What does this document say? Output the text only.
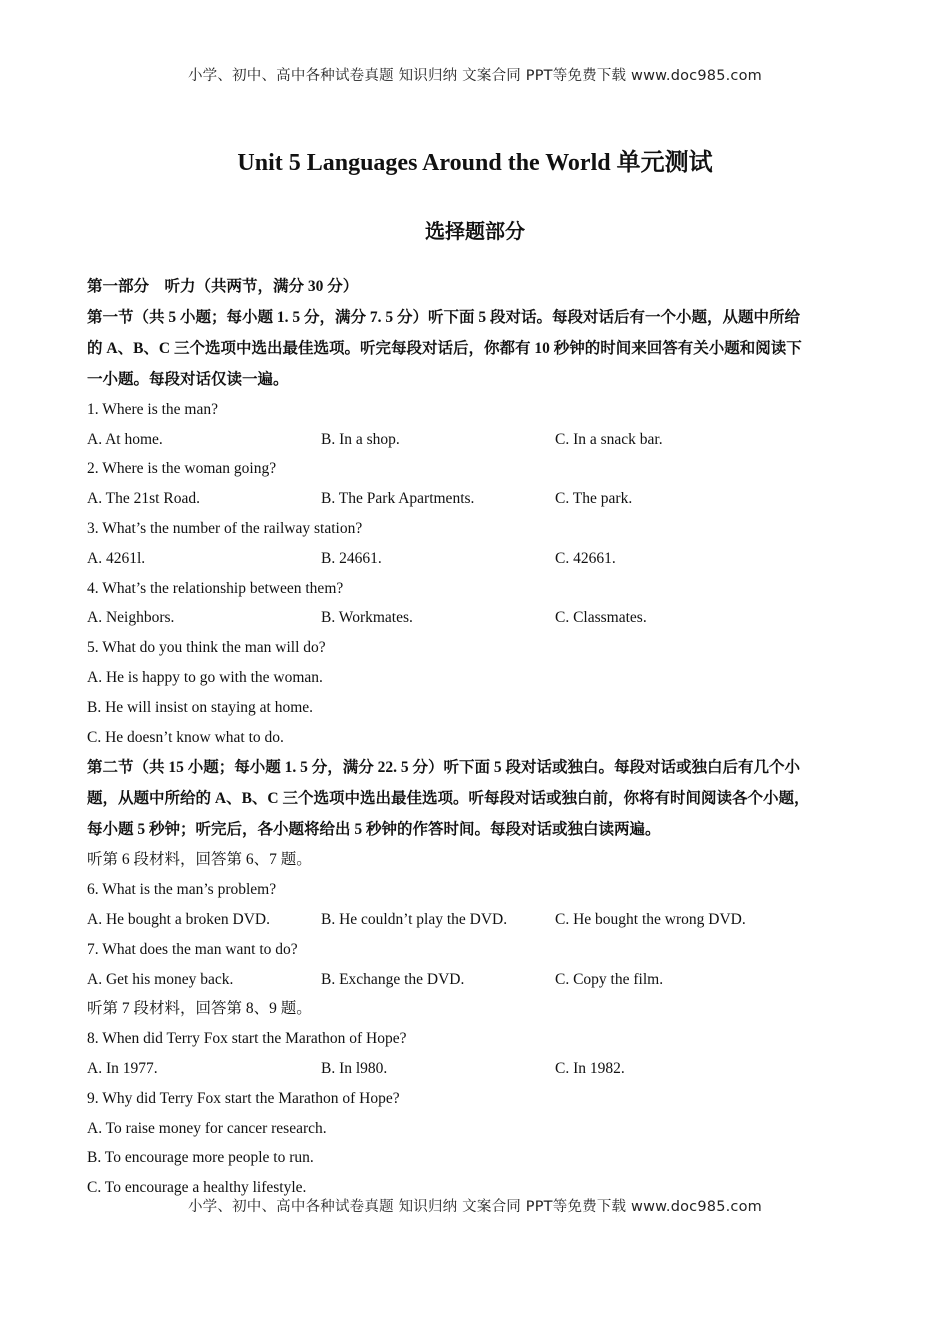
小学、初中、高中各种试卷真题 知识归纳 文案合同 PPT等免费下载 www.doc985.com
Unit 5 Languages Around the World 单元测试
选择题部分
第一部分　听力（共两节，满分 30 分）
第一节（共 5 小题；每小题 1. 5 分，满分 7. 5 分）听下面 5 段对话。每段对话后有一个小题，从题中所给
的 A、B、C 三个选项中选出最佳选项。听完每段对话后，你都有 10 秒钟的时间来回答有关小题和阅读下
一小题。每段对话仅读一遍。
1. Where is the man?
A. At home.	B. In a shop.	C. In a snack bar.
2. Where is the woman going?
A. The 21st Road.	B. The Park Apartments.	C. The park.
3. What’s the number of the railway station?
A. 4261l.	B. 24661.	C. 42661.
4. What’s the relationship between them?
A. Neighbors.	B. Workmates.	C. Classmates.
5. What do you think the man will do?
A. He is happy to go with the woman.
B. He will insist on staying at home.
C. He doesn’t know what to do.
第二节（共 15 小题；每小题 1. 5 分，满分 22. 5 分）听下面 5 段对话或独白。每段对话或独白后有几个小
题，从题中所给的 A、B、C 三个选项中选出最佳选项。听每段对话或独白前，你将有时间阅读各个小题，
每小题 5 秒钟；听完后，各小题将给出 5 秒钟的作答时间。每段对话或独白读两遍。
听第 6 段材料，回答第 6、7 题。
6. What is the man’s problem?
A. He bought a broken DVD.	B. He couldn’t play the DVD.	C. He bought the wrong DVD.
7. What does the man want to do?
A. Get his money back.	B. Exchange the DVD.	C. Copy the film.
听第 7 段材料，回答第 8、9 题。
8. When did Terry Fox start the Marathon of Hope?
A. In 1977.	B. In l980.	C. In 1982.
9. Why did Terry Fox start the Marathon of Hope?
A. To raise money for cancer research.
B. To encourage more people to run.
C. To encourage a healthy lifestyle.
小学、初中、高中各种试卷真题 知识归纳 文案合同 PPT等免费下载 www.doc985.com
